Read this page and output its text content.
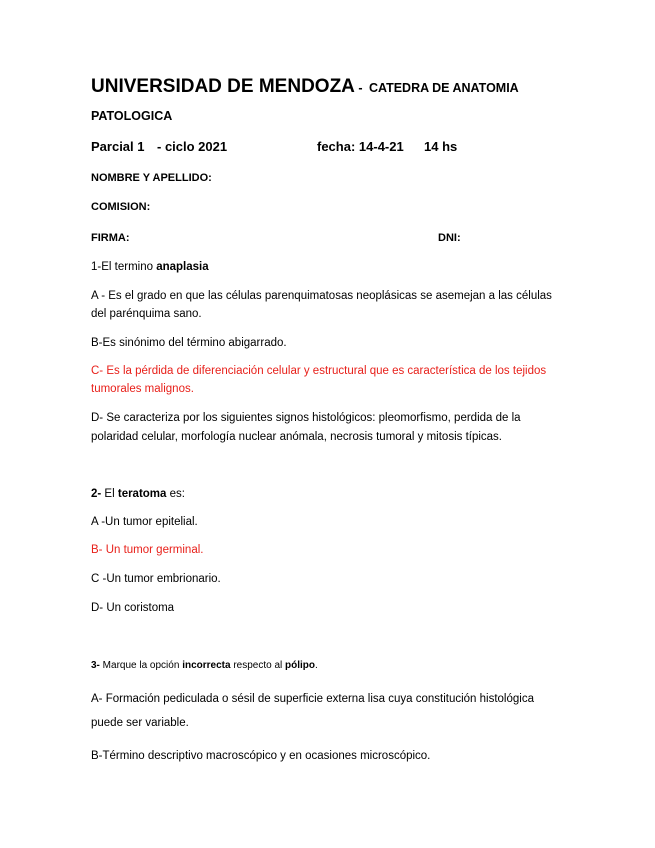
UNIVERSIDAD DE MENDOZA - CATEDRA DE ANATOMIA
PATOLOGICA
Parcial 1 - ciclo 2021	fecha: 14-4-21 14 hs
NOMBRE Y APELLIDO:
COMISION:
FIRMA:	DNI:
1-El termino anaplasia
A - Es el grado en que las células parenquimatosas neoplásicas se asemejan a las células
del parénquima sano.
B-Es sinónimo del término abigarrado.
C- Es la pérdida de diferenciación celular y estructural que es característica de los tejidos
tumorales malignos.
D- Se caracteriza por los siguientes signos histológicos: pleomorfismo, perdida de la
polaridad celular, morfología nuclear anómala, necrosis tumoral y mitosis típicas.
2- El teratoma es:
A -Un tumor epitelial.
B- Un tumor germinal.
C -Un tumor embrionario.
D- Un coristoma
3- Marque la opción incorrecta respecto al pólipo.
A- Formación pediculada o sésil de superficie externa lisa cuya constitución histológica
puede ser variable.
B-Término descriptivo macroscópico y en ocasiones microscópico.
